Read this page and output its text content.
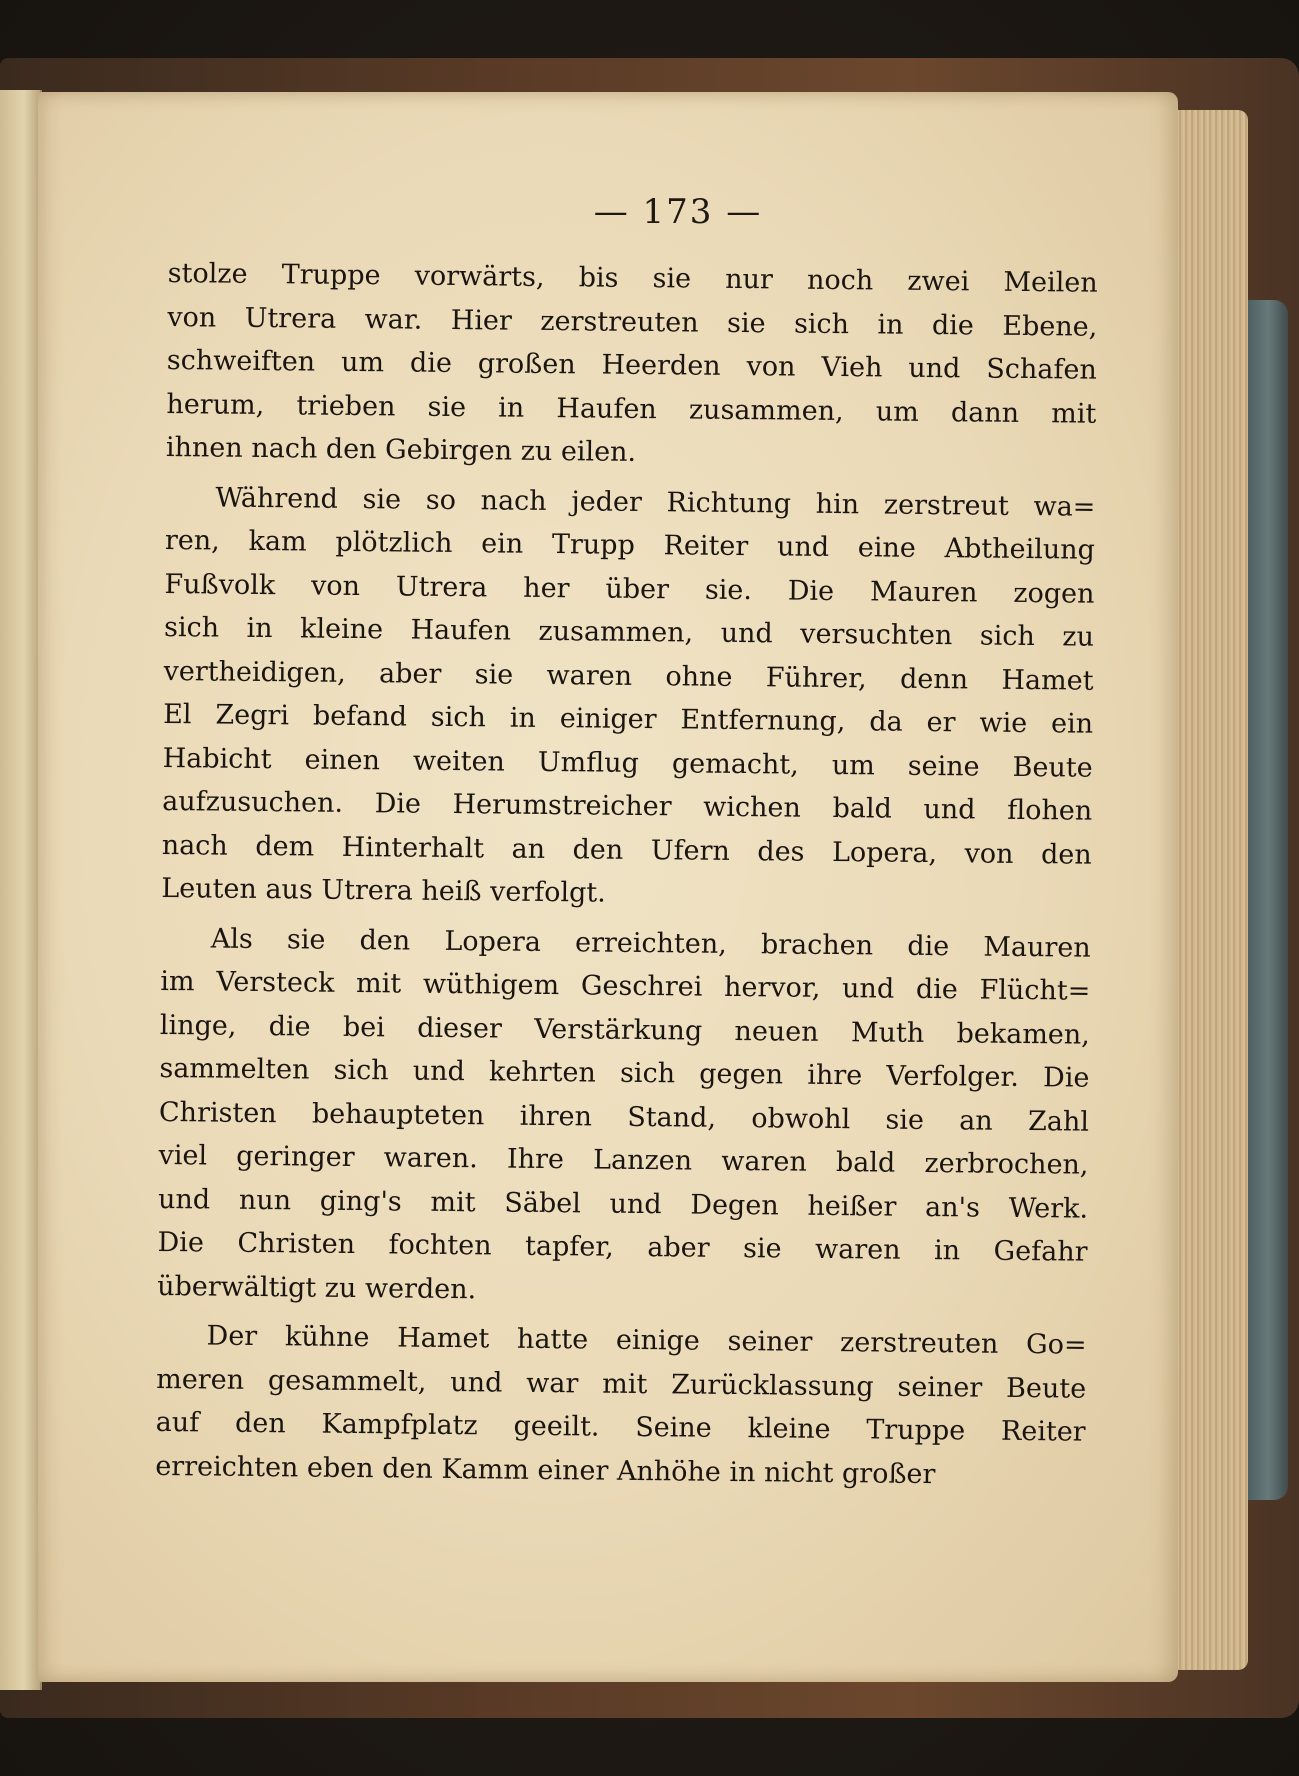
— 173 —
stolze Truppe vorwärts, bis sie nur noch zwei Meilen
von Utrera war. Hier zerstreuten sie sich in die Ebene,
schweiften um die großen Heerden von Vieh und Schafen
herum, trieben sie in Haufen zusammen, um dann mit
ihnen nach den Gebirgen zu eilen.
Während sie so nach jeder Richtung hin zerstreut wa=
ren, kam plötzlich ein Trupp Reiter und eine Abtheilung
Fußvolk von Utrera her über sie. Die Mauren zogen
sich in kleine Haufen zusammen, und versuchten sich zu
vertheidigen, aber sie waren ohne Führer, denn Hamet
El Zegri befand sich in einiger Entfernung, da er wie ein
Habicht einen weiten Umflug gemacht, um seine Beute
aufzusuchen. Die Herumstreicher wichen bald und flohen
nach dem Hinterhalt an den Ufern des Lopera, von den
Leuten aus Utrera heiß verfolgt.
Als sie den Lopera erreichten, brachen die Mauren
im Versteck mit wüthigem Geschrei hervor, und die Flücht=
linge, die bei dieser Verstärkung neuen Muth bekamen,
sammelten sich und kehrten sich gegen ihre Verfolger. Die
Christen behaupteten ihren Stand, obwohl sie an Zahl
viel geringer waren. Ihre Lanzen waren bald zerbrochen,
und nun ging's mit Säbel und Degen heißer an's Werk.
Die Christen fochten tapfer, aber sie waren in Gefahr
überwältigt zu werden.
Der kühne Hamet hatte einige seiner zerstreuten Go=
meren gesammelt, und war mit Zurücklassung seiner Beute
auf den Kampfplatz geeilt. Seine kleine Truppe Reiter
erreichten eben den Kamm einer Anhöhe in nicht großer
